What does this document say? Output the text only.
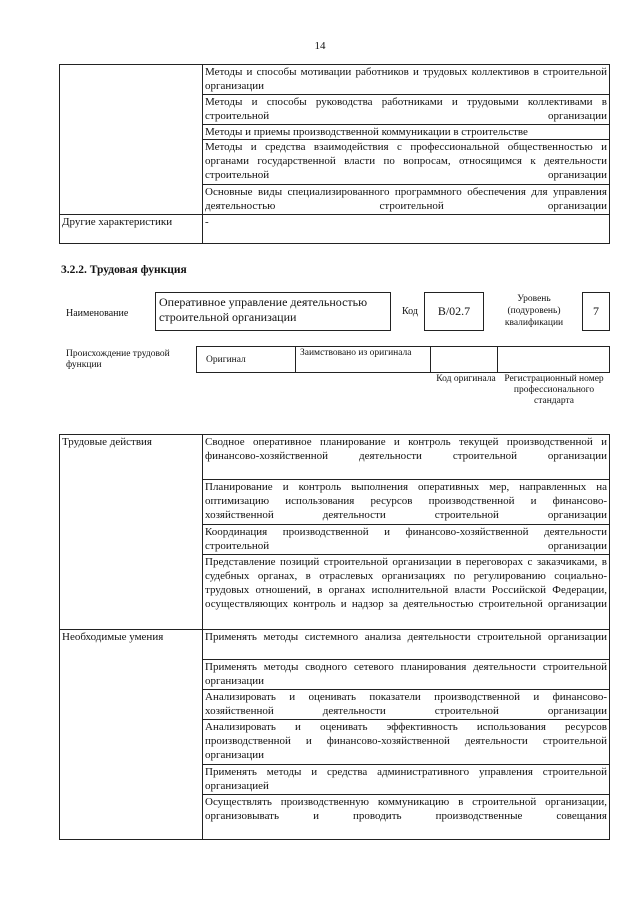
14
	Методы и способы мотивации работников и трудовых коллективов в строительной организации
	Методы и способы руководства работниками и трудовыми коллективами в строительной организации
	Методы и приемы производственной коммуникации в строительстве
	Методы и средства взаимодействия с профессиональной общественностью и органами государственной власти по вопросам, относящимся к деятельности строительной организации
	Основные виды специализированного программного обеспечения для управления деятельностью строительной организации
Другие характеристики	-
3.2.2. Трудовая функция
Наименование
Оперативное управление деятельностью строительной организации	Код	В/02.7
Уровень (подуровень) квалификации
7
Происхождение трудовой функции	Оригинал
Заимствовано из оригинала
Код оригинала Регистрационный номер профессионального стандарта
Трудовые действия	Сводное оперативное планирование и контроль текущей производственной и финансово-хозяйственной деятельности строительной организации
	Планирование и контроль выполнения оперативных мер, направленных на оптимизацию использования ресурсов производственной и финансово-хозяйственной деятельности строительной организации
	Координация производственной и финансово-хозяйственной деятельности строительной организации
	Представление позиций строительной организации в переговорах с заказчиками, в судебных органах, в отраслевых организациях по регулированию социально-трудовых отношений, в органах исполнительной власти Российской Федерации, осуществляющих контроль и надзор за деятельностью строительной организации
Необходимые умения	Применять методы системного анализа деятельности строительной организации
	Применять методы сводного сетевого планирования деятельности строительной организации
	Анализировать и оценивать показатели производственной и финансово-хозяйственной деятельности строительной организации
	Анализировать и оценивать эффективность использования ресурсов производственной и финансово-хозяйственной деятельности строительной организации
	Применять методы и средства административного управления строительной организацией
	Осуществлять производственную коммуникацию в строительной организации, организовывать и проводить производственные совещания
